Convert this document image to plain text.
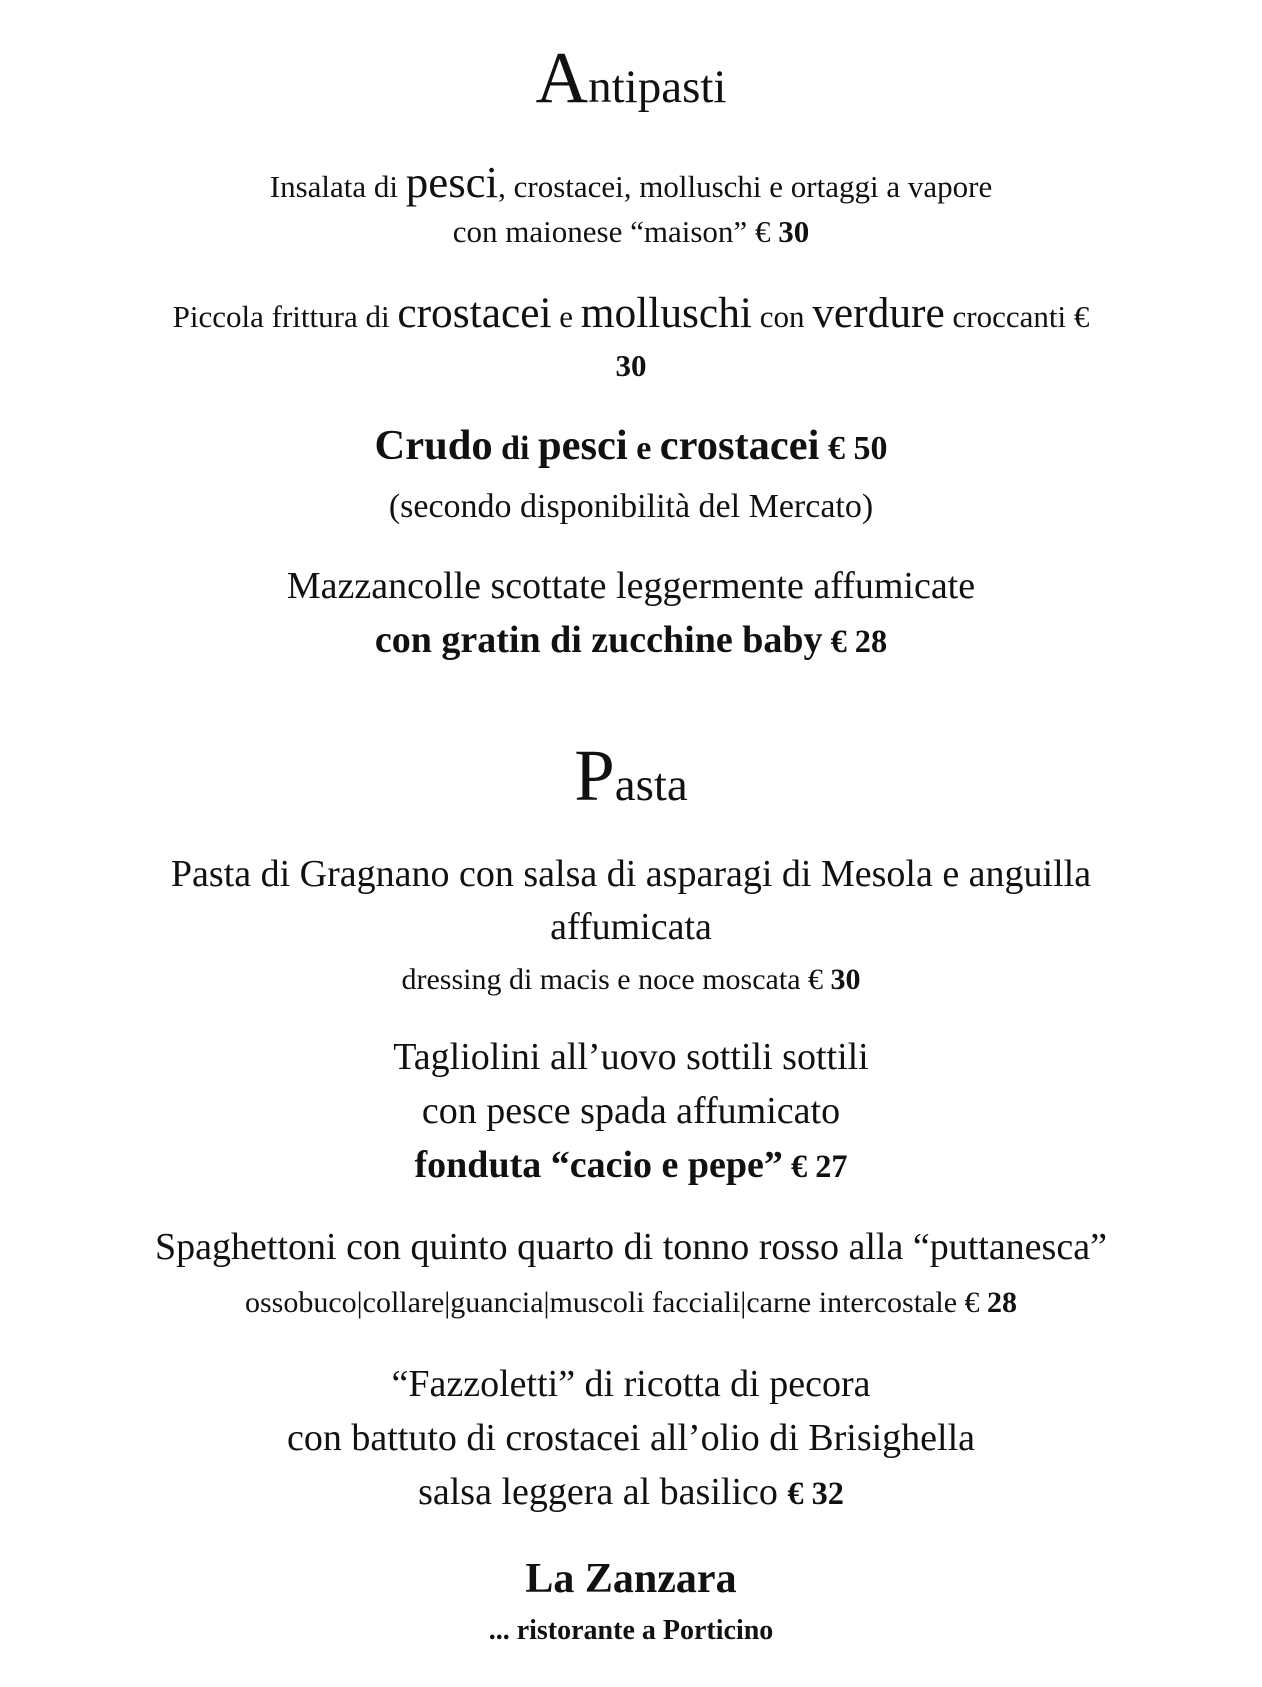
Antipasti
Insalata di pesci, crostacei, molluschi e ortaggi a vapore
con maionese “maison” € 30
Piccola frittura di crostacei e molluschi con verdure croccanti €
30
Crudo di pesci e crostacei € 50
(secondo disponibilità del Mercato)
Mazzancolle scottate leggermente affumicate
con gratin di zucchine baby € 28
Pasta
Pasta di Gragnano con salsa di asparagi di Mesola e anguilla
affumicata
dressing di macis e noce moscata € 30
Tagliolini all’uovo sottili sottili
con pesce spada affumicato
fonduta “cacio e pepe” € 27
Spaghettoni con quinto quarto di tonno rosso alla “puttanesca”
ossobuco|collare|guancia|muscoli facciali|carne intercostale € 28
“Fazzoletti” di ricotta di pecora
con battuto di crostacei all’olio di Brisighella
salsa leggera al basilico € 32
La Zanzara
... ristorante a Porticino
